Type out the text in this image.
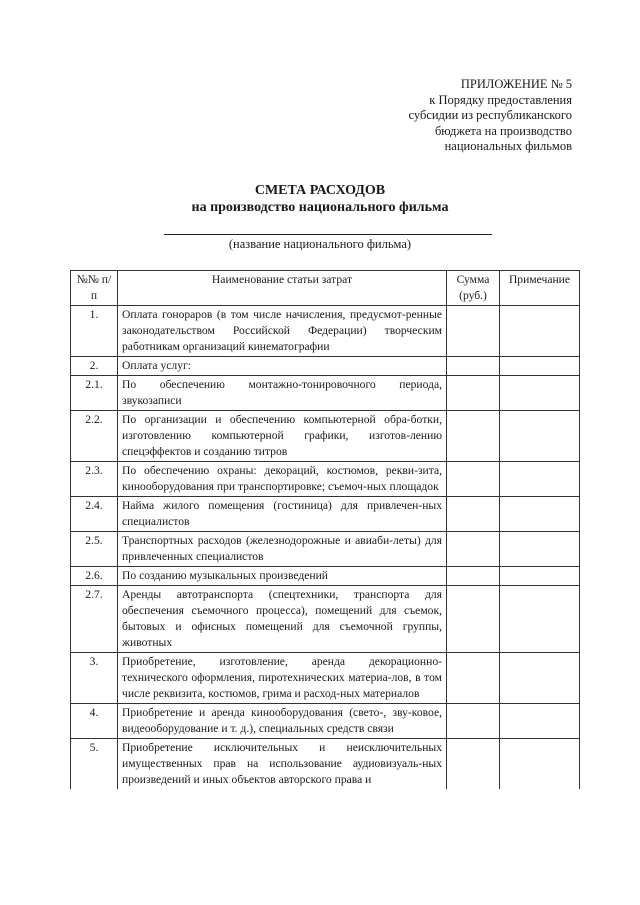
ПРИЛОЖЕНИЕ № 5
к Порядку предоставления
субсидии из республиканского
бюджета на производство
национальных фильмов
СМЕТА РАСХОДОВ
на производство национального фильма
(название национального фильма)
№№ п/п	Наименование статьи затрат	Сумма (руб.)	Примечание
1.	Оплата гонораров (в том числе начисления, предусмот-ренные законодательством Российской Федерации) творческим работникам организаций кинематографии		
2.	Оплата услуг:		
2.1.	По обеспечению монтажно-тонировочного периода, звукозаписи		
2.2.	По организации и обеспечению компьютерной обра-ботки, изготовлению компьютерной графики, изготов-лению спецэффектов и созданию титров		
2.3.	По обеспечению охраны: декораций, костюмов, рекви-зита, кинооборудования при транспортировке; съемоч-ных площадок		
2.4.	Найма жилого помещения (гостиница) для привлечен-ных специалистов		
2.5.	Транспортных расходов (железнодорожные и авиаби-леты) для привлеченных специалистов		
2.6.	По созданию музыкальных произведений		
2.7.	Аренды автотранспорта (спецтехники, транспорта для обеспечения съемочного процесса), помещений для съемок, бытовых и офисных помещений для съемочной группы, животных		
3.	Приобретение, изготовление, аренда декорационно-технического оформления, пиротехнических материа-лов, в том числе реквизита, костюмов, грима и расход-ных материалов		
4.	Приобретение и аренда кинооборудования (свето-, зву-ковое, видеооборудование и т. д.), специальных средств связи		
5.	Приобретение исключительных и неисключительных имущественных прав на использование аудиовизуаль-ных произведений и иных объектов авторского права и		
